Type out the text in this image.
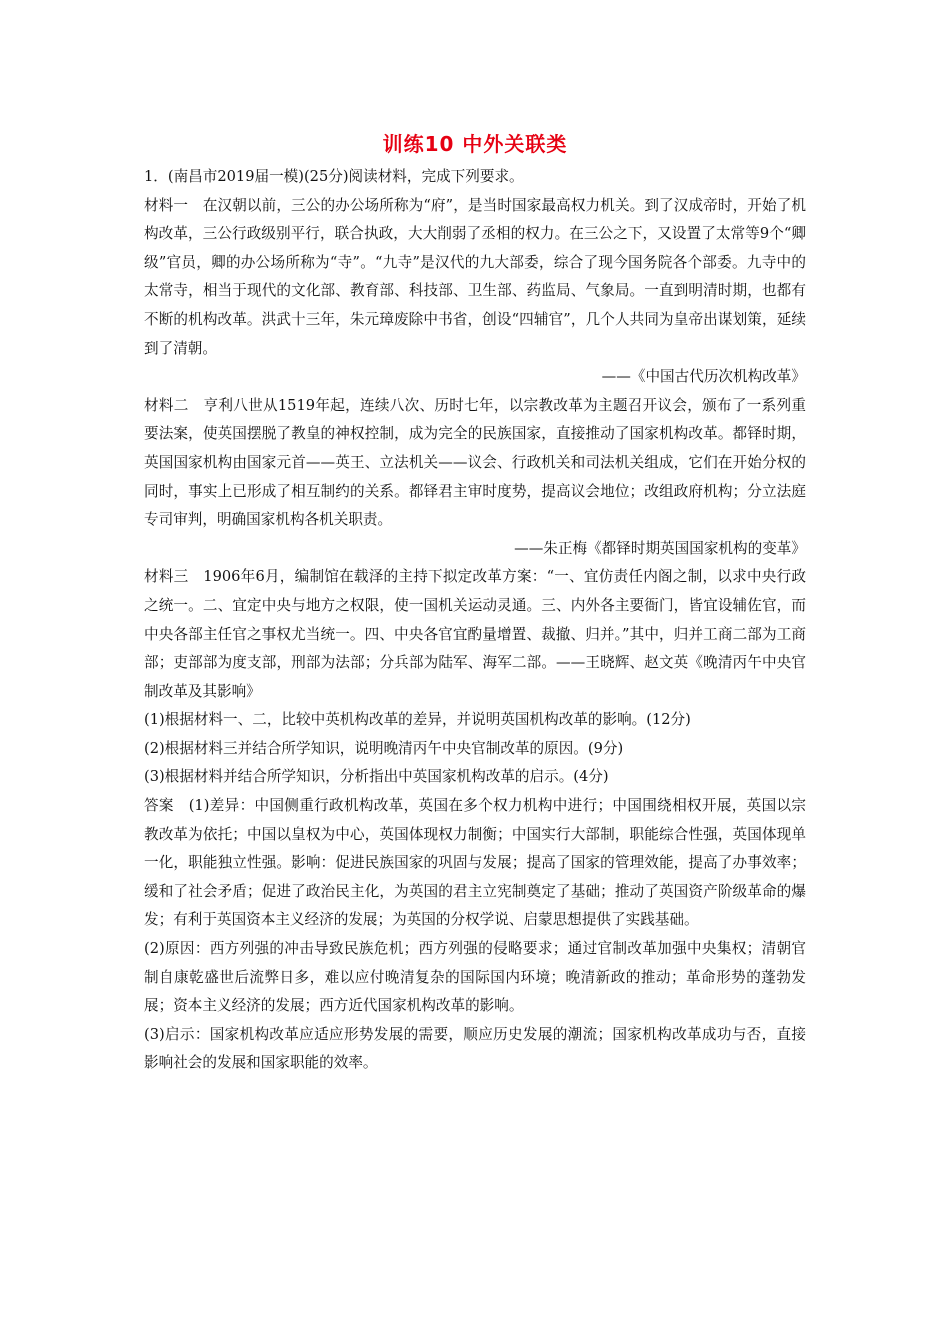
训练10 中外关联类

1．(南昌市2019届一模)(25分)阅读材料，完成下列要求。

材料一　在汉朝以前，三公的办公场所称为“府”，是当时国家最高权力机关。到了汉成帝时，开始了机构改革，三公行政级别平行，联合执政，大大削弱了丞相的权力。在三公之下，又设置了太常等9个“卿级”官员，卿的办公场所称为“寺”。“九寺”是汉代的九大部委，综合了现今国务院各个部委。九寺中的太常寺，相当于现代的文化部、教育部、科技部、卫生部、药监局、气象局。一直到明清时期，也都有不断的机构改革。洪武十三年，朱元璋废除中书省，创设“四辅官”，几个人共同为皇帝出谋划策，延续到了清朝。

——《中国古代历次机构改革》

材料二　亨利八世从1519年起，连续八次、历时七年，以宗教改革为主题召开议会，颁布了一系列重要法案，使英国摆脱了教皇的神权控制，成为完全的民族国家，直接推动了国家机构改革。都铎时期，英国国家机构由国家元首——英王、立法机关——议会、行政机关和司法机关组成，它们在开始分权的同时，事实上已形成了相互制约的关系。都铎君主审时度势，提高议会地位；改组政府机构；分立法庭专司审判，明确国家机构各机关职责。

——朱正梅《都铎时期英国国家机构的变革》

材料三　1906年6月，编制馆在载泽的主持下拟定改革方案：“一、宜仿责任内阁之制，以求中央行政之统一。二、宜定中央与地方之权限，使一国机关运动灵通。三、内外各主要衙门，皆宜设辅佐官，而中央各部主任官之事权尤当统一。四、中央各官宜酌量增置、裁撤、归并。”其中，归并工商二部为工商部；吏部部为度支部，刑部为法部；分兵部为陆军、海军二部。——王晓辉、赵文英《晚清丙午中央官制改革及其影响》

(1)根据材料一、二，比较中英机构改革的差异，并说明英国机构改革的影响。(12分)

(2)根据材料三并结合所学知识，说明晚清丙午中央官制改革的原因。(9分)

(3)根据材料并结合所学知识，分析指出中英国家机构改革的启示。(4分)

答案　(1)差异：中国侧重行政机构改革，英国在多个权力机构中进行；中国围绕相权开展，英国以宗教改革为依托；中国以皇权为中心，英国体现权力制衡；中国实行大部制，职能综合性强，英国体现单一化，职能独立性强。影响：促进民族国家的巩固与发展；提高了国家的管理效能，提高了办事效率；缓和了社会矛盾；促进了政治民主化，为英国的君主立宪制奠定了基础；推动了英国资产阶级革命的爆发；有利于英国资本主义经济的发展；为英国的分权学说、启蒙思想提供了实践基础。

(2)原因：西方列强的冲击导致民族危机；西方列强的侵略要求；通过官制改革加强中央集权；清朝官制自康乾盛世后流弊日多，难以应付晚清复杂的国际国内环境；晚清新政的推动；革命形势的蓬勃发展；资本主义经济的发展；西方近代国家机构改革的影响。

(3)启示：国家机构改革应适应形势发展的需要，顺应历史发展的潮流；国家机构改革成功与否，直接影响社会的发展和国家职能的效率。
